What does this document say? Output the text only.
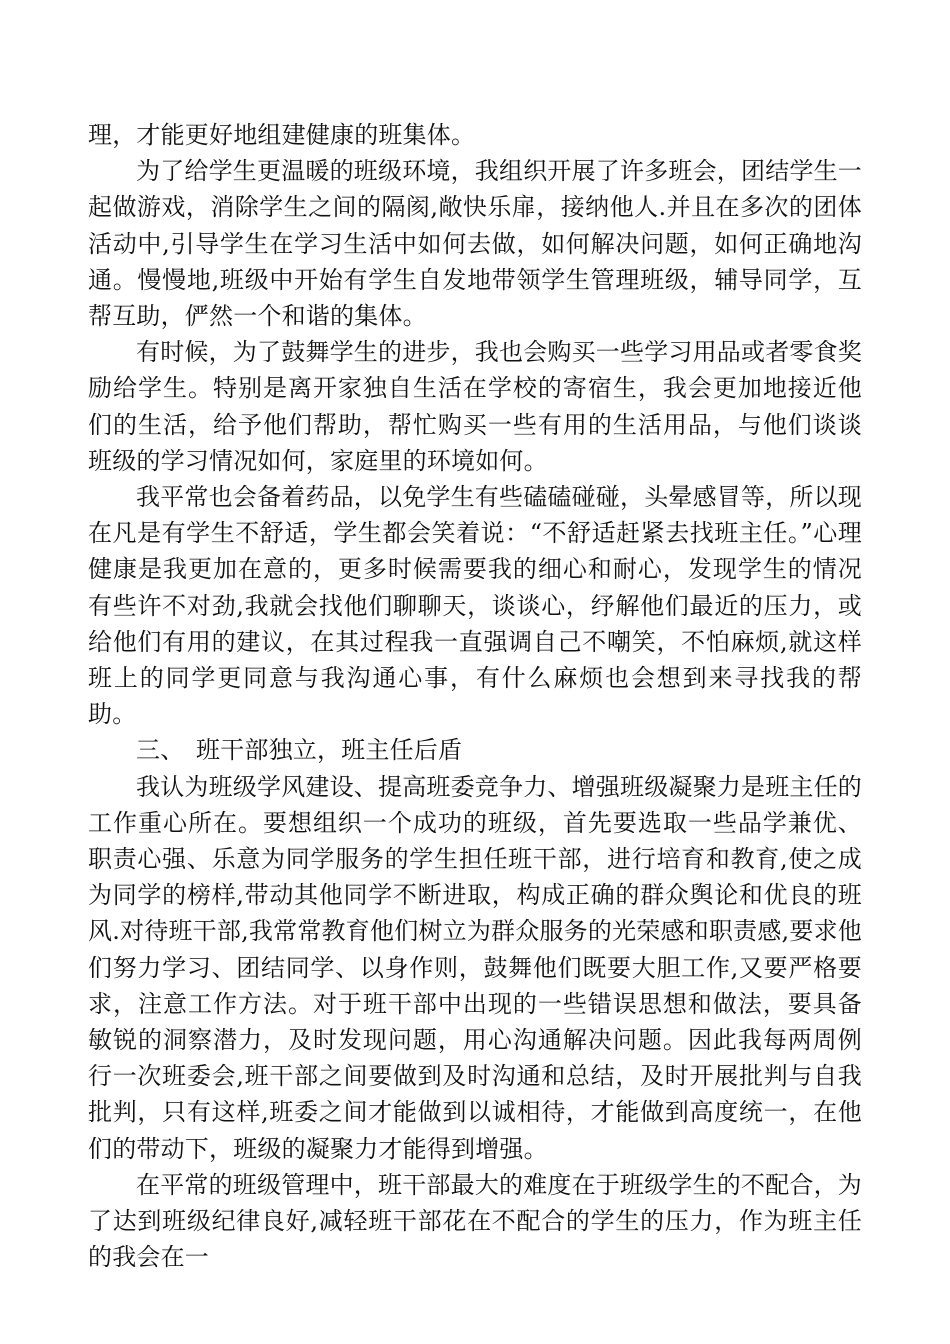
理，才能更好地组建健康的班集体。

为了给学生更温暖的班级环境，我组织开展了许多班会，团结学生一起做游戏，消除学生之间的隔阂,敞快乐扉，接纳他人.并且在多次的团体活动中,引导学生在学习生活中如何去做，如何解决问题，如何正确地沟通。慢慢地,班级中开始有学生自发地带领学生管理班级，辅导同学，互帮互助，俨然一个和谐的集体。

有时候，为了鼓舞学生的进步，我也会购买一些学习用品或者零食奖励给学生。特别是离开家独自生活在学校的寄宿生，我会更加地接近他们的生活，给予他们帮助，帮忙购买一些有用的生活用品，与他们谈谈班级的学习情况如何，家庭里的环境如何。

我平常也会备着药品，以免学生有些磕磕碰碰，头晕感冒等，所以现在凡是有学生不舒适，学生都会笑着说：“不舒适赶紧去找班主任。”心理健康是我更加在意的，更多时候需要我的细心和耐心，发现学生的情况有些许不对劲,我就会找他们聊聊天，谈谈心，纾解他们最近的压力，或给他们有用的建议，在其过程我一直强调自己不嘲笑，不怕麻烦,就这样班上的同学更同意与我沟通心事，有什么麻烦也会想到来寻找我的帮助。

三、 班干部独立，班主任后盾

我认为班级学风建设、提高班委竞争力、增强班级凝聚力是班主任的工作重心所在。要想组织一个成功的班级，首先要选取一些品学兼优、职责心强、乐意为同学服务的学生担任班干部，进行培育和教育,使之成为同学的榜样,带动其他同学不断进取，构成正确的群众舆论和优良的班风.对待班干部,我常常教育他们树立为群众服务的光荣感和职责感,要求他们努力学习、团结同学、以身作则，鼓舞他们既要大胆工作,又要严格要求，注意工作方法。对于班干部中出现的一些错误思想和做法，要具备敏锐的洞察潜力，及时发现问题，用心沟通解决问题。因此我每两周例行一次班委会,班干部之间要做到及时沟通和总结，及时开展批判与自我批判，只有这样,班委之间才能做到以诚相待，才能做到高度统一，在他们的带动下，班级的凝聚力才能得到增强。

在平常的班级管理中，班干部最大的难度在于班级学生的不配合，为了达到班级纪律良好,减轻班干部花在不配合的学生的压力，作为班主任的我会在一
